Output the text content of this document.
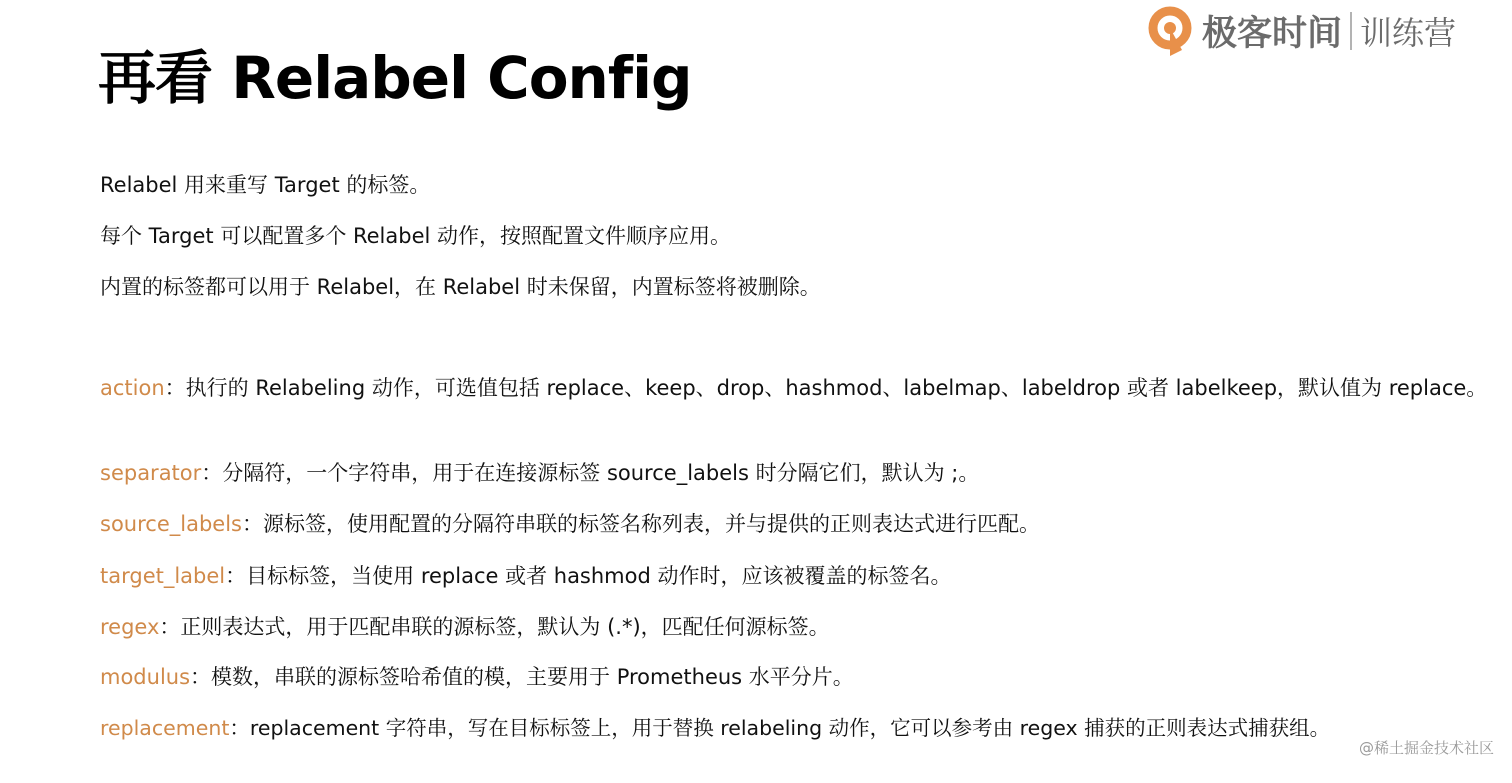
极客时间 训练营
再看 Relabel Config

Relabel 用来重写 Target 的标签。

每个 Target 可以配置多个 Relabel 动作，按照配置文件顺序应用。

内置的标签都可以用于 Relabel，在 Relabel 时未保留，内置标签将被删除。

action：执行的 Relabeling 动作，可选值包括 replace、keep、drop、hashmod、labelmap、labeldrop 或者 labelkeep，默认值为 replace。

separator：分隔符，一个字符串，用于在连接源标签 source_labels 时分隔它们，默认为 ;。

source_labels：源标签，使用配置的分隔符串联的标签名称列表，并与提供的正则表达式进行匹配。

target_label：目标标签，当使用 replace 或者 hashmod 动作时，应该被覆盖的标签名。

regex：正则表达式，用于匹配串联的源标签，默认为 (.*)，匹配任何源标签。

modulus：模数，串联的源标签哈希值的模，主要用于 Prometheus 水平分片。

replacement：replacement 字符串，写在目标标签上，用于替换 relabeling 动作，它可以参考由 regex 捕获的正则表达式捕获组。

@稀土掘金技术社区
